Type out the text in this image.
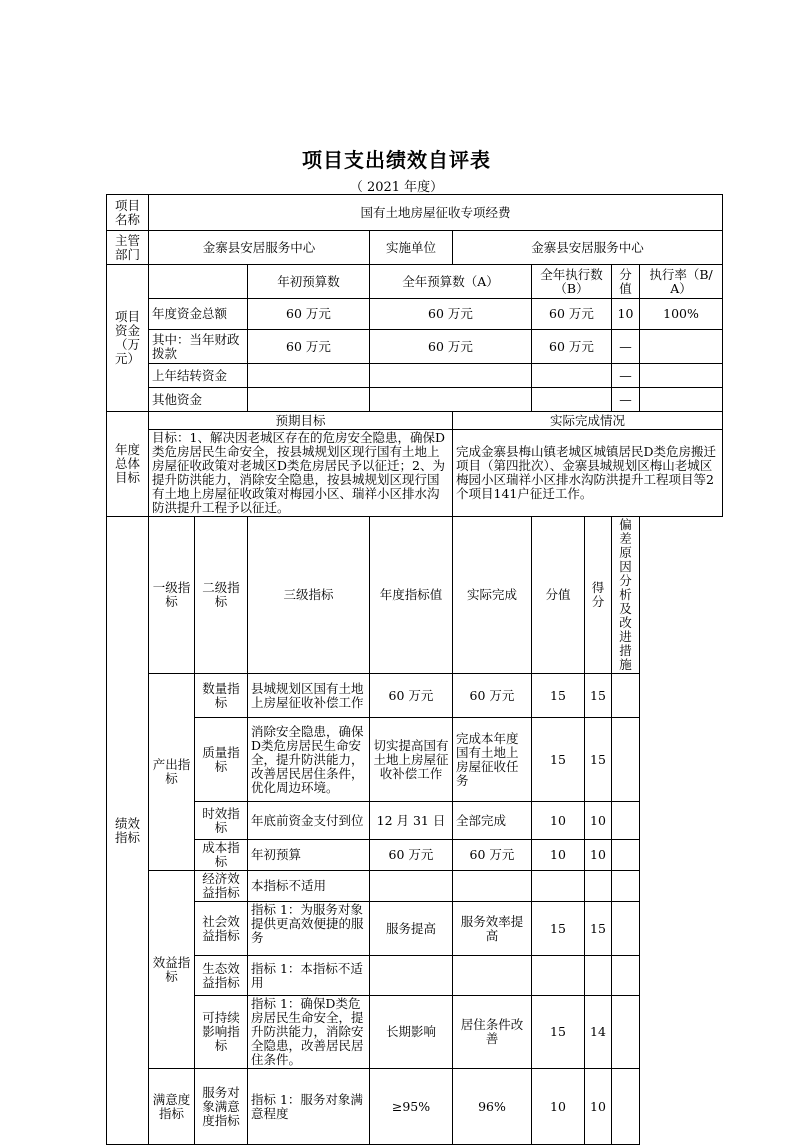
项目支出绩效自评表
（ 2021 年度）
项目名称	国有土地房屋征收专项经费									
主管部门	金寨县安居服务中心			实施单位	金寨县安居服务中心					
项目资金（万元）			年初预算数	全年预算数（A）		全年执行数（B）		分值	执行率（B/A）	
	年度资金总额		60 万元	60 万元		60 万元		10	100%	
	其中：当年财政拨款		60 万元	60 万元		60 万元		—		
	上年结转资金							—		
	其他资金							—		
年度总体目标	预期目标				实际完成情况					
	目标：1、解决因老城区存在的危房安全隐患，确保D类危房居民生命安全，按县城规划区现行国有土地上房屋征收政策对老城区D类危房居民予以征迁；2、为提升防洪能力，消除安全隐患，按县城规划区现行国有土地上房屋征收政策对梅园小区、瑞祥小区排水沟防洪提升工程予以征迁。				完成金寨县梅山镇老城区城镇居民D类危房搬迁项目（第四批次）、金寨县城规划区梅山老城区梅园小区瑞祥小区排水沟防洪提升工程项目等2个项目141户征迁工作。					
绩效指标	一级指标	二级指标	三级指标	年度指标值	实际完成	分值	得分	偏差原因分析及改进措施		
	产出指标	数量指标	县城规划区国有土地上房屋征收补偿工作	60 万元	60 万元	15	15			
		质量指标	消除安全隐患，确保D类危房居民生命安全，提升防洪能力，改善居民居住条件，优化周边环境。	切实提高国有土地上房屋征收补偿工作	完成本年度国有土地上房屋征收任务	15	15			
		时效指标	年底前资金支付到位	12 月 31 日	全部完成	10	10			
		成本指标	年初预算	60 万元	60 万元	10	10			
	效益指标	经济效益指标	本指标不适用							
		社会效益指标	指标 1：为服务对象提供更高效便捷的服务	服务提高	服务效率提高	15	15			
		生态效益指标	指标 1：本指标不适用							
		可持续影响指标	指标 1：确保D类危房居民生命安全，提升防洪能力，消除安全隐患，改善居民居住条件。	长期影响	居住条件改善	15	14			
	满意度指标	服务对象满意度指标	指标 1：服务对象满意程度	≥95%	96%	10	10			
